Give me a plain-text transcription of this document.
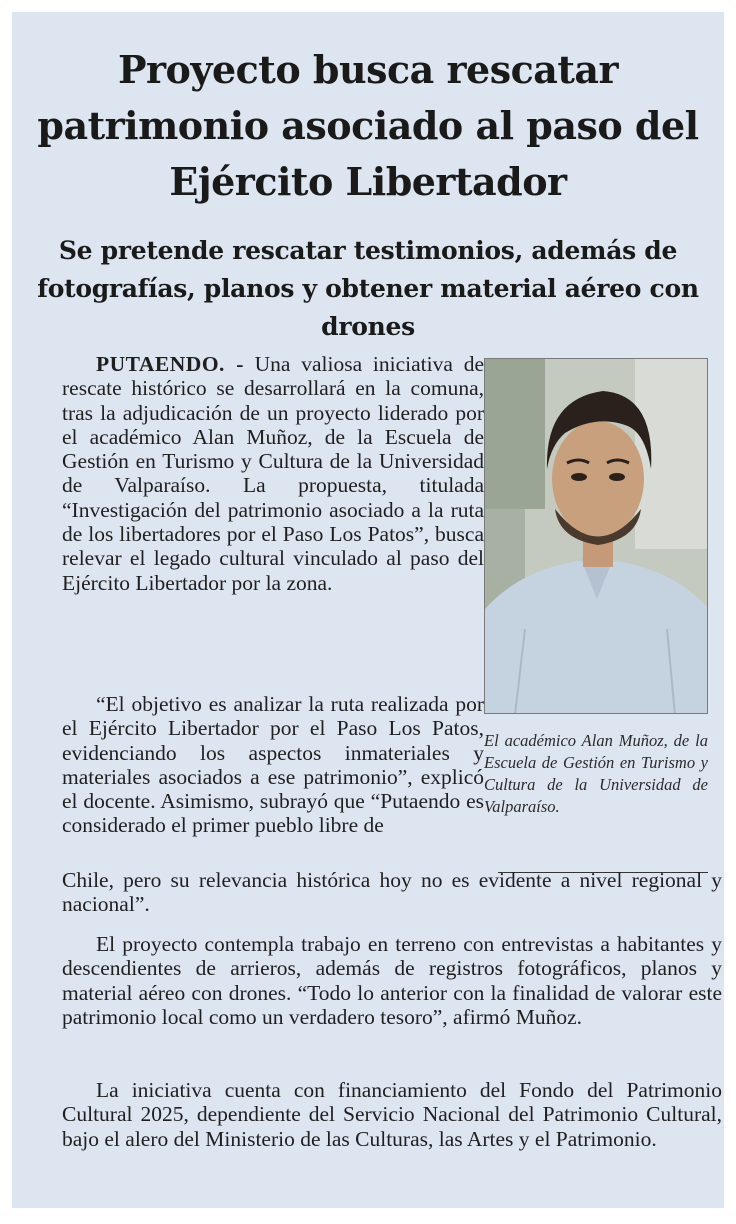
Proyecto busca rescatar patrimonio asociado al paso del Ejército Libertador
Se pretende rescatar testimonios, además de fotografías, planos y obtener material aéreo con drones

PUTAENDO. - Una valiosa iniciativa de rescate histórico se desarrollará en la comuna, tras la adjudicación de un proyecto liderado por el académico Alan Muñoz, de la Escuela de Gestión en Turismo y Cultura de la Universidad de Valparaíso. La propuesta, titulada “Investigación del patrimonio asociado a la ruta de los libertadores por el Paso Los Patos”, busca relevar el legado cultural vinculado al paso del Ejército Libertador por la zona.

El académico Alan Muñoz, de la Escuela de Gestión en Turismo y Cultura de la Universidad de Valparaíso.

“El objetivo es analizar la ruta realizada por el Ejército Libertador por el Paso Los Patos, evidenciando los aspectos inmateriales y materiales asociados a ese patrimonio”, explicó el docente. Asimismo, subrayó que “Putaendo es considerado el primer pueblo libre de

Chile, pero su relevancia histórica hoy no es evidente a nivel regional y nacional”.

El proyecto contempla trabajo en terreno con entrevistas a habitantes y descendientes de arrieros, además de registros fotográficos, planos y material aéreo con drones. “Todo lo anterior con la finalidad de valorar este patrimonio local como un verdadero tesoro”, afirmó Muñoz.

La iniciativa cuenta con financiamiento del Fondo del Patrimonio Cultural 2025, dependiente del Servicio Nacional del Patrimonio Cultural, bajo el alero del Ministerio de las Culturas, las Artes y el Patrimonio.
